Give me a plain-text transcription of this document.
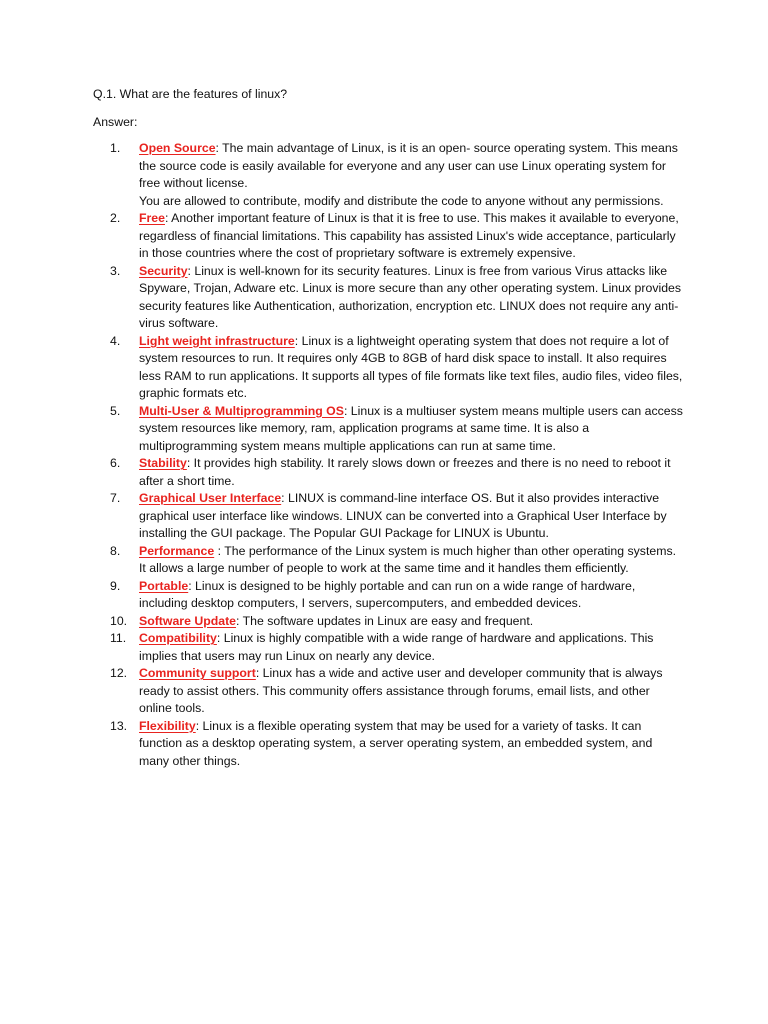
Q.1. What are the features of linux?

Answer:

1.	Open Source: The main advantage of Linux, is it is an open- source operating system. This means the source code is easily available for everyone and any user can use Linux operating system for free without license.
You are allowed to contribute, modify and distribute the code to anyone without any permissions.
2.	Free: Another important feature of Linux is that it is free to use. This makes it available to everyone, regardless of financial limitations. This capability has assisted Linux's wide acceptance, particularly in those countries where the cost of proprietary software is extremely expensive.
3.	Security: Linux is well-known for its security features. Linux is free from various Virus attacks like Spyware, Trojan, Adware etc. Linux is more secure than any other operating system. Linux provides security features like Authentication, authorization, encryption etc. LINUX does not require any anti-virus software.
4.	Light weight infrastructure: Linux is a lightweight operating system that does not require a lot of system resources to run. It requires only 4GB to 8GB of hard disk space to install. It also requires less RAM to run applications. It supports all types of file formats like text files, audio files, video files, graphic formats etc.
5.	Multi-User & Multiprogramming OS: Linux is a multiuser system means multiple users can access system resources like memory, ram, application programs at same time. It is also a multiprogramming system means multiple applications can run at same time.
6.	Stability: It provides high stability. It rarely slows down or freezes and there is no need to reboot it after a short time.
7.	Graphical User Interface: LINUX is command-line interface OS. But it also provides interactive graphical user interface like windows. LINUX can be converted into a Graphical User Interface by installing the GUI package. The Popular GUI Package for LINUX is Ubuntu.
8.	Performance : The performance of the Linux system is much higher than other operating systems. It allows a large number of people to work at the same time and it handles them efficiently.
9.	Portable: Linux is designed to be highly portable and can run on a wide range of hardware, including desktop computers, I servers, supercomputers, and embedded devices.
10. Software Update: The software updates in Linux are easy and frequent.
11.	Compatibility: Linux is highly compatible with a wide range of hardware and applications. This implies that users may run Linux on nearly any device.
12. Community support: Linux has a wide and active user and developer community that is always ready to assist others. This community offers assistance through forums, email lists, and other online tools.
13. Flexibility: Linux is a flexible operating system that may be used for a variety of tasks. It can function as a desktop operating system, a server operating system, an embedded system, and many other things.
